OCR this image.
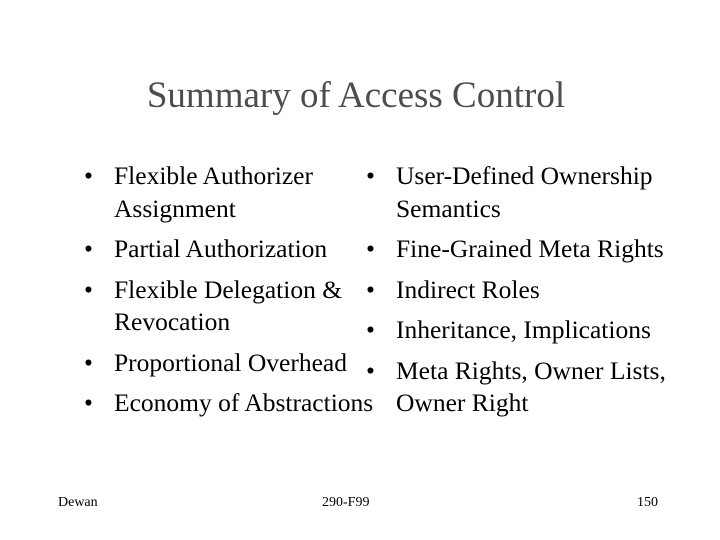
Summary of Access Control
• Flexible Authorizer Assignment
• Partial Authorization
• Flexible Delegation & Revocation
• Proportional Overhead
• Economy of Abstractions
• User-Defined Ownership Semantics
• Fine-Grained Meta Rights
• Indirect Roles
• Inheritance, Implications
• Meta Rights, Owner Lists, Owner Right
Dewan	290-F99	150
